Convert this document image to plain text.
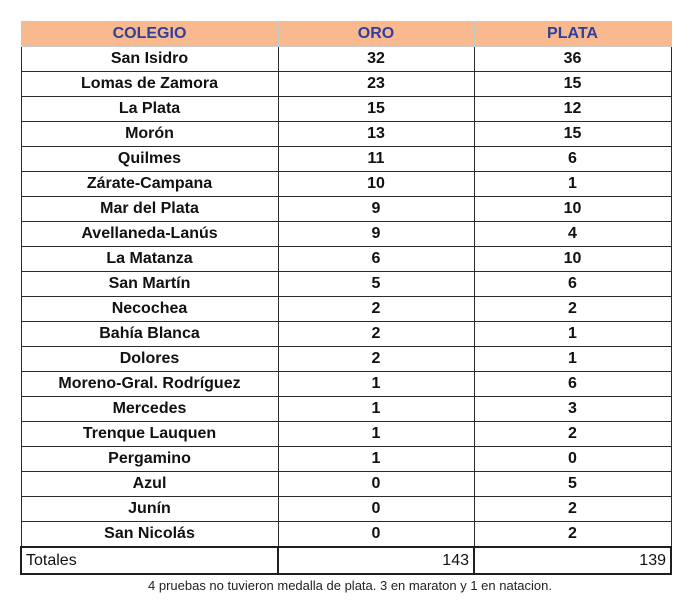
COLEGIO	ORO	PLATA
San Isidro	32	36
Lomas de Zamora	23	15
La Plata	15	12
Morón	13	15
Quilmes	11	6
Zárate-Campana	10	1
Mar del Plata	9	10
Avellaneda-Lanús	9	4
La Matanza	6	10
San Martín	5	6
Necochea	2	2
Bahía Blanca	2	1
Dolores	2	1
Moreno-Gral. Rodríguez	1	6
Mercedes	1	3
Trenque Lauquen	1	2
Pergamino	1	0
Azul	0	5
Junín	0	2
San Nicolás	0	2
Totales	143	139
4 pruebas no tuvieron medalla de plata. 3 en maraton y 1 en natacion.
